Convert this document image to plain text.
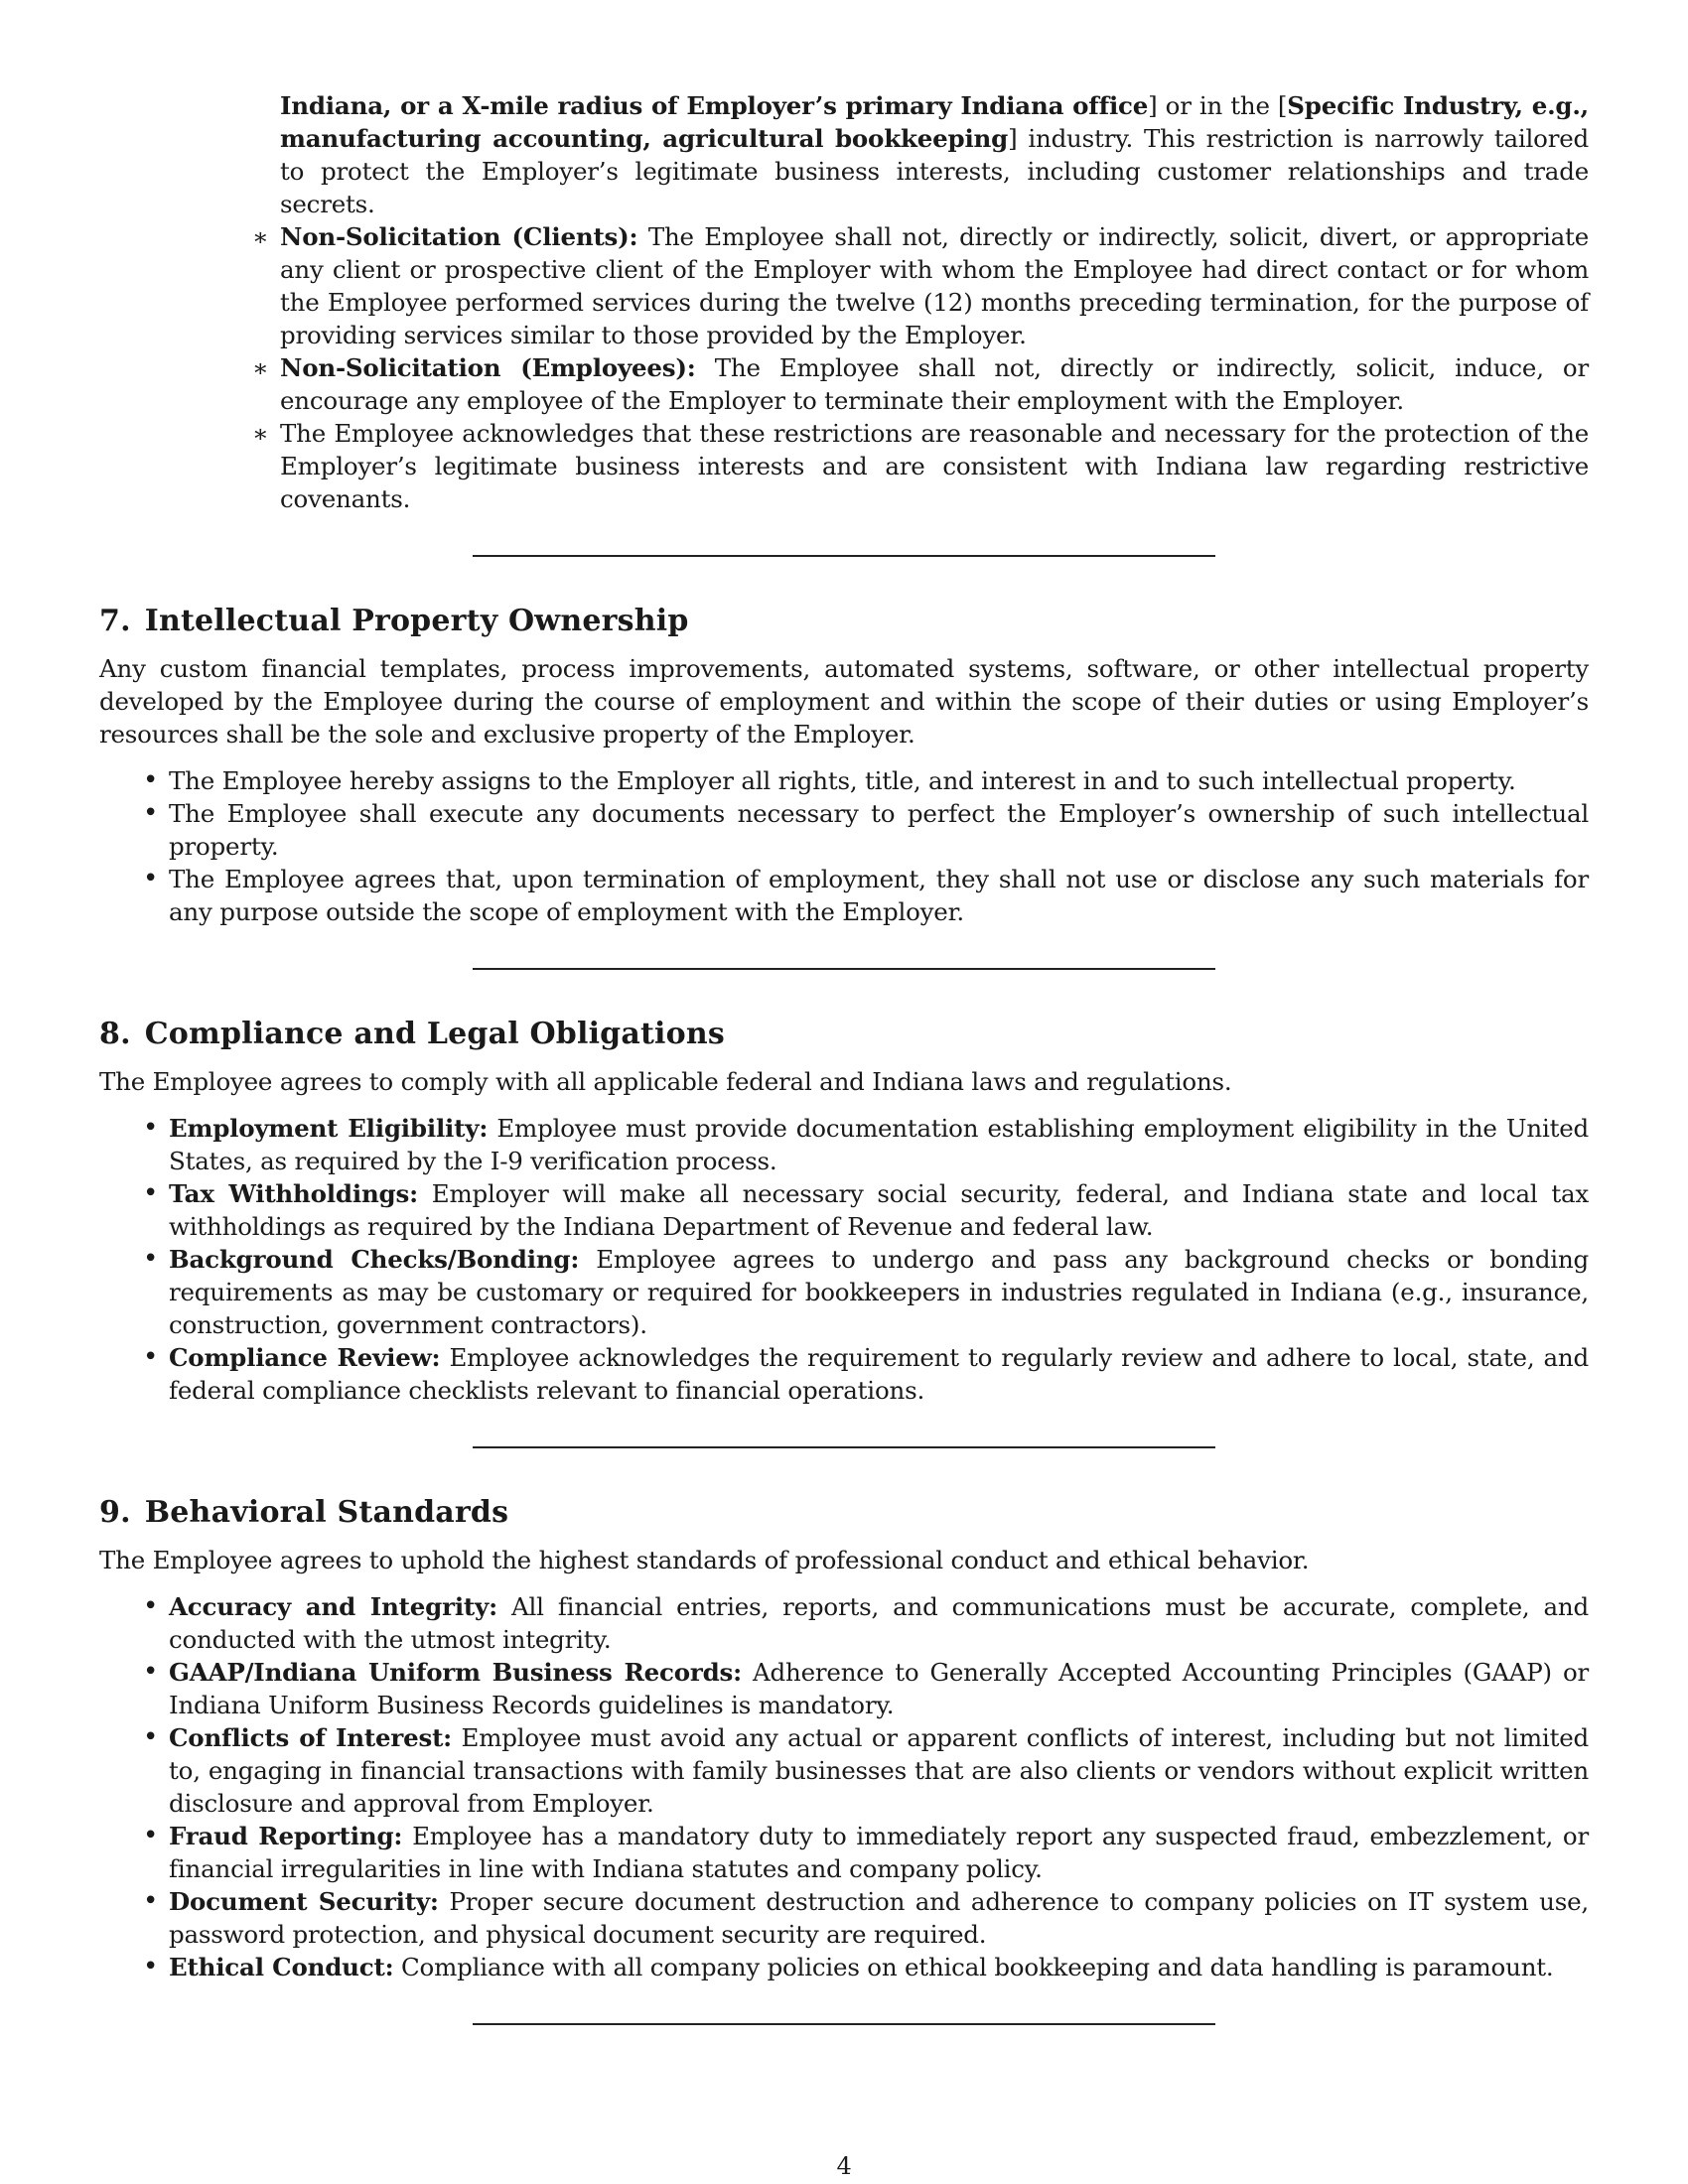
Indiana, or a X-mile radius of Employer’s primary Indiana office] or in the [Specific Industry, e.g., manufacturing accounting, agricultural bookkeeping] industry. This restriction is narrowly tailored to protect the Employer’s legitimate business interests, including customer relationships and trade secrets.
∗ Non-Solicitation (Clients): The Employee shall not, directly or indirectly, solicit, divert, or appropriate any client or prospective client of the Employer with whom the Employee had direct contact or for whom the Employee performed services during the twelve (12) months preceding termination, for the purpose of providing services similar to those provided by the Employer.
∗ Non-Solicitation (Employees): The Employee shall not, directly or indirectly, solicit, induce, or encourage any employee of the Employer to terminate their employment with the Employer.
∗ The Employee acknowledges that these restrictions are reasonable and necessary for the protection of the Employer’s legitimate business interests and are consistent with Indiana law regarding restrictive covenants.
7. Intellectual Property Ownership

Any custom financial templates, process improvements, automated systems, software, or other intellectual property developed by the Employee during the course of employment and within the scope of their duties or using Employer’s resources shall be the sole and exclusive property of the Employer.

• The Employee hereby assigns to the Employer all rights, title, and interest in and to such intellectual property.
• The Employee shall execute any documents necessary to perfect the Employer’s ownership of such intellectual property.
• The Employee agrees that, upon termination of employment, they shall not use or disclose any such materials for any purpose outside the scope of employment with the Employer.
8. Compliance and Legal Obligations

The Employee agrees to comply with all applicable federal and Indiana laws and regulations.

• Employment Eligibility: Employee must provide documentation establishing employment eligibility in the United States, as required by the I-9 verification process.
• Tax Withholdings: Employer will make all necessary social security, federal, and Indiana state and local tax withholdings as required by the Indiana Department of Revenue and federal law.
• Background Checks/Bonding: Employee agrees to undergo and pass any background checks or bonding requirements as may be customary or required for bookkeepers in industries regulated in Indiana (e.g., insurance, construction, government contractors).
• Compliance Review: Employee acknowledges the requirement to regularly review and adhere to local, state, and federal compliance checklists relevant to financial operations.
9. Behavioral Standards

The Employee agrees to uphold the highest standards of professional conduct and ethical behavior.

• Accuracy and Integrity: All financial entries, reports, and communications must be accurate, complete, and conducted with the utmost integrity.
• GAAP/Indiana Uniform Business Records: Adherence to Generally Accepted Accounting Principles (GAAP) or Indiana Uniform Business Records guidelines is mandatory.
• Conflicts of Interest: Employee must avoid any actual or apparent conflicts of interest, including but not limited to, engaging in financial transactions with family businesses that are also clients or vendors without explicit written disclosure and approval from Employer.
• Fraud Reporting: Employee has a mandatory duty to immediately report any suspected fraud, embezzlement, or financial irregularities in line with Indiana statutes and company policy.
• Document Security: Proper secure document destruction and adherence to company policies on IT system use, password protection, and physical document security are required.
• Ethical Conduct: Compliance with all company policies on ethical bookkeeping and data handling is paramount.
4
